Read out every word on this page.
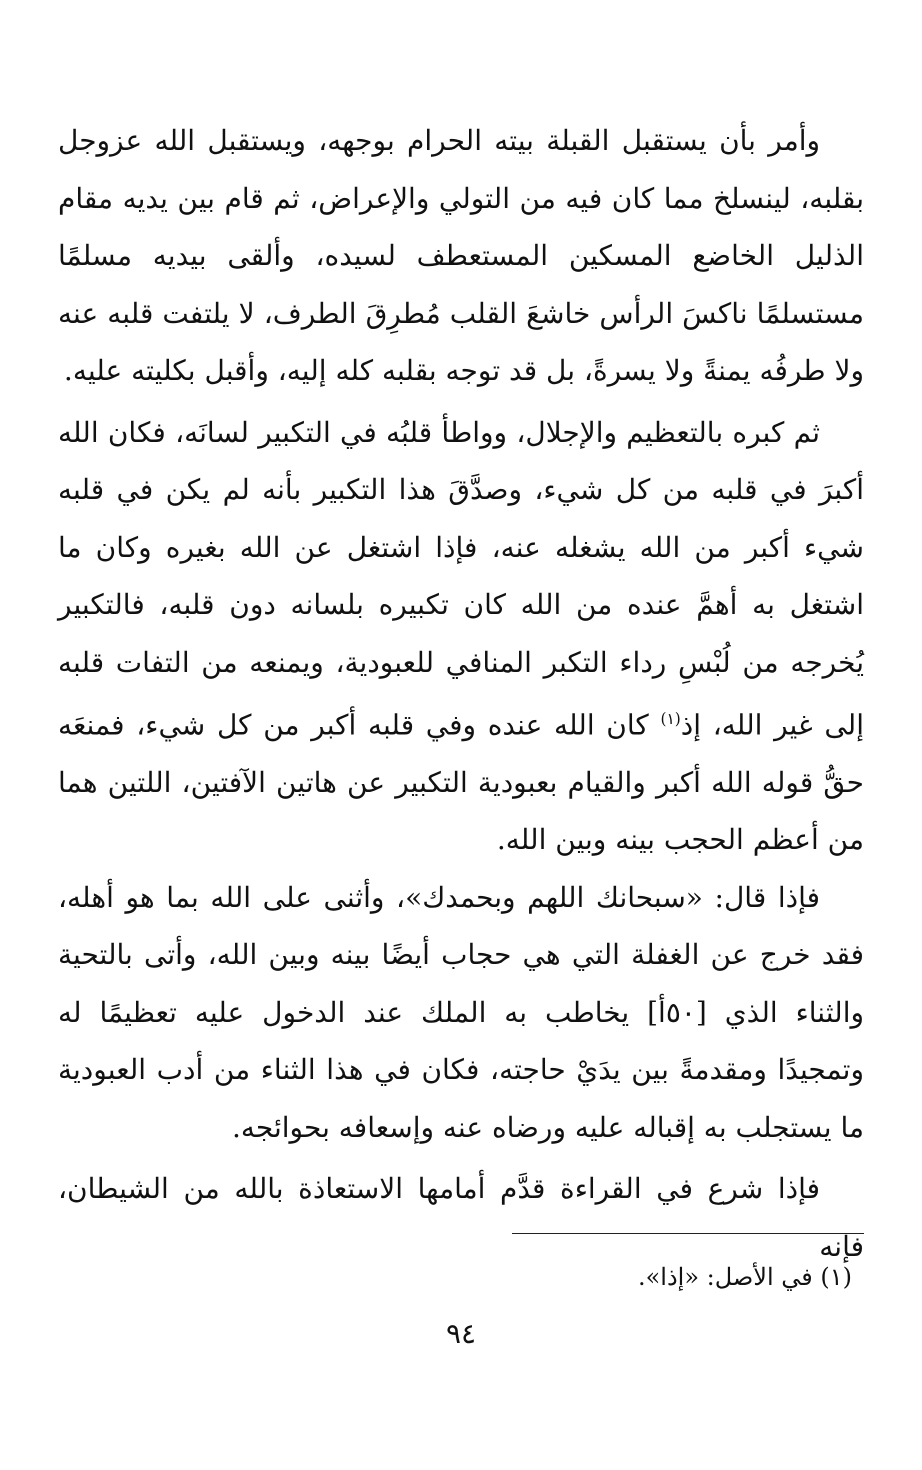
وأمر بأن يستقبل القبلة بيته الحرام بوجهه، ويستقبل الله عزوجل بقلبه، لينسلخ مما كان فيه من التولي والإعراض، ثم قام بين يديه مقام الذليل الخاضع المسكين المستعطف لسيده، وألقى بيديه مسلمًا مستسلمًا ناكسَ الرأس خاشعَ القلب مُطرِقَ الطرف، لا يلتفت قلبه عنه ولا طرفُه يمنةً ولا يسرةً، بل قد توجه بقلبه كله إليه، وأقبل بكليته عليه.

ثم كبره بالتعظيم والإجلال، وواطأ قلبُه في التكبير لسانَه، فكان الله أكبرَ في قلبه من كل شيء، وصدَّقَ هذا التكبير بأنه لم يكن في قلبه شيء أكبر من الله يشغله عنه، فإذا اشتغل عن الله بغيره وكان ما اشتغل به أهمَّ عنده من الله كان تكبيره بلسانه دون قلبه، فالتكبير يُخرجه من لُبْسِ رداء التكبر المنافي للعبودية، ويمنعه من التفات قلبه إلى غير الله، إذ$^{(١)}$ كان الله عنده وفي قلبه أكبر من كل شيء، فمنعَه حقُّ قوله الله أكبر والقيام بعبودية التكبير عن هاتين الآفتين، اللتين هما من أعظم الحجب بينه وبين الله.

فإذا قال: «سبحانك اللهم وبحمدك»، وأثنى على الله بما هو أهله، فقد خرج عن الغفلة التي هي حجاب أيضًا بينه وبين الله، وأتى بالتحية والثناء الذي [٥٠أ] يخاطب به الملك عند الدخول عليه تعظيمًا له وتمجيدًا ومقدمةً بين يدَيْ حاجته، فكان في هذا الثناء من أدب العبودية ما يستجلب به إقباله عليه ورضاه عنه وإسعافه بحوائجه.

فإذا شرع في القراءة قدَّم أمامها الاستعاذة بالله من الشيطان، فإنه

(١) في الأصل: «إذا».
٩٤
